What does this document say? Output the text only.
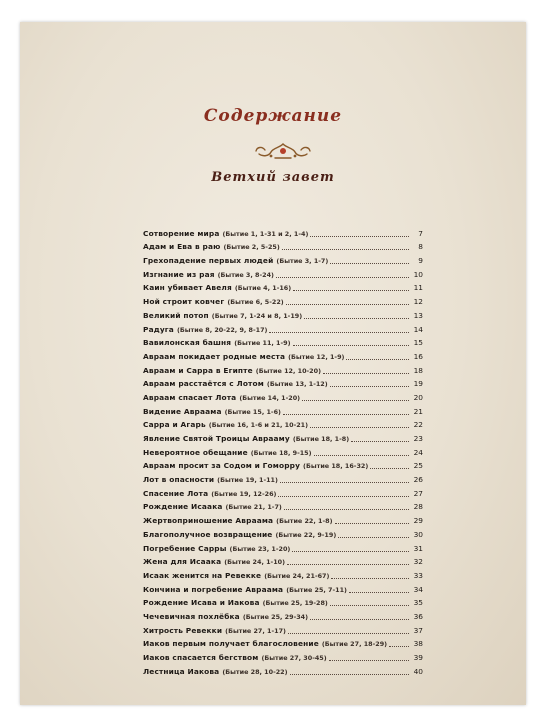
Содержание
Ветхий завет
Сотворение мира (Бытие 1, 1-31 и 2, 1-4)	7
Адам и Ева в раю (Бытие 2, 5-25)	8
Грехопадение первых людей (Бытие 3, 1-7)	9
Изгнание из рая (Бытие 3, 8-24)	10
Каин убивает Авеля (Бытие 4, 1-16)	11
Ной строит ковчег (Бытие 6, 5-22)	12
Великий потоп (Бытие 7, 1-24 и 8, 1-19)	13
Радуга (Бытие 8, 20-22, 9, 8-17)	14
Вавилонская башня (Бытие 11, 1-9)	15
Авраам покидает родные места (Бытие 12, 1-9)	16
Авраам и Сарра в Египте (Бытие 12, 10-20)	18
Авраам расстаётся с Лотом (Бытие 13, 1-12)	19
Авраам спасает Лота (Бытие 14, 1-20)	20
Видение Авраама (Бытие 15, 1-6)	21
Сарра и Агарь (Бытие 16, 1-6 и 21, 10-21)	22
Явление Святой Троицы Аврааму (Бытие 18, 1-8)	23
Невероятное обещание (Бытие 18, 9-15)	24
Авраам просит за Содом и Гоморру (Бытие 18, 16-32)	25
Лот в опасности (Бытие 19, 1-11)	26
Спасение Лота (Бытие 19, 12-26)	27
Рождение Исаака (Бытие 21, 1-7)	28
Жертвоприношение Авраама (Бытие 22, 1-8)	29
Благополучное возвращение (Бытие 22, 9-19)	30
Погребение Сарры (Бытие 23, 1-20)	31
Жена для Исаака (Бытие 24, 1-10)	32
Исаак женится на Ревекке (Бытие 24, 21-67)	33
Кончина и погребение Авраама (Бытие 25, 7-11)	34
Рождение Исава и Иакова (Бытие 25, 19-28)	35
Чечевичная похлёбка (Бытие 25, 29-34)	36
Хитрость Ревекки (Бытие 27, 1-17)	37
Иаков первым получает благословение (Бытие 27, 18-29)	38
Иаков спасается бегством (Бытие 27, 30-45)	39
Лестница Иакова (Бытие 28, 10-22)	40
